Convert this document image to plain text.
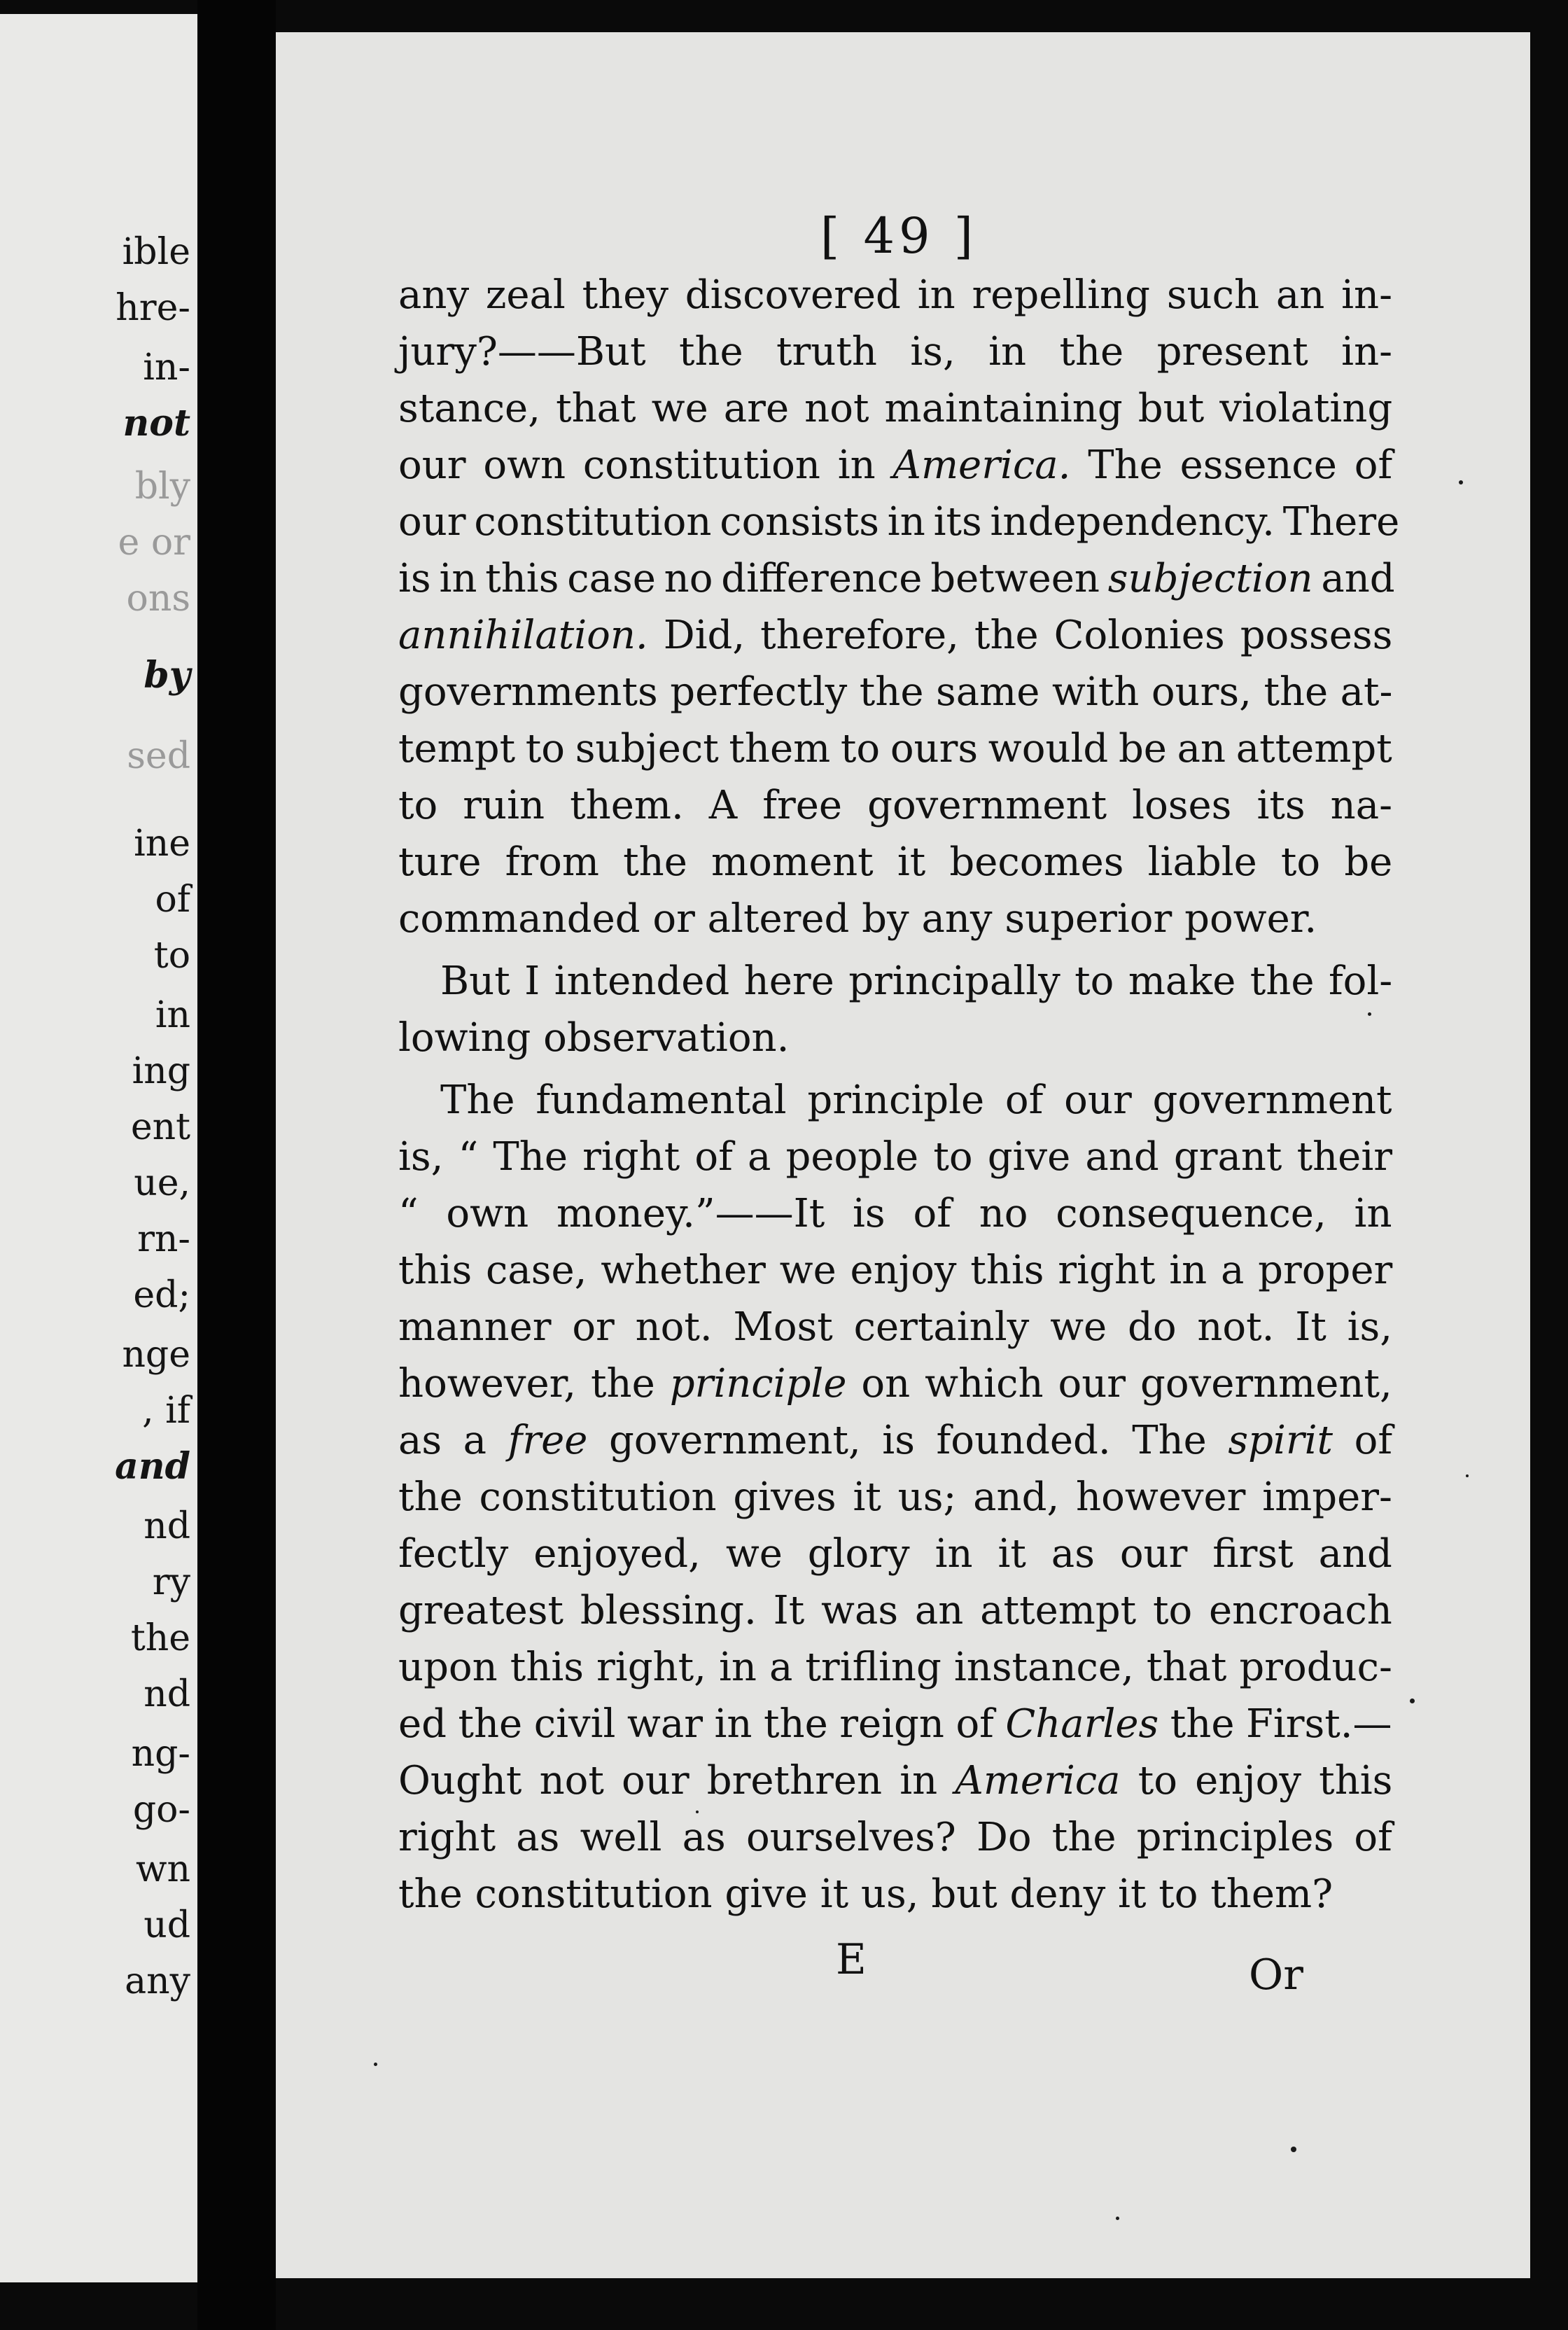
ible
hre-
in-
not
bly
e or
ons
by
sed
ine
of
to
in
ing
ent
ue,
rn-
ed;
nge
, if
and
nd
ry
the
nd
ng-
go-
wn
ud
any
[ 49 ]
any zeal they discovered in repelling such an in-
jury?——But the truth is, in the present in-
stance, that we are not maintaining but violating
our own constitution in America. The essence of
our constitution consists in its independency. There
is in this case no difference between subjection and
annihilation. Did, therefore, the Colonies possess
governments perfectly the same with ours, the at-
tempt to subject them to ours would be an attempt
to ruin them. A free government loses its na-
ture from the moment it becomes liable to be
commanded or altered by any superior power.
But I intended here principally to make the fol-
lowing observation.
The fundamental principle of our government
is, “ The right of a people to give and grant their
“ own money.”——It is of no consequence, in
this case, whether we enjoy this right in a proper
manner or not. Most certainly we do not. It is,
however, the principle on which our government,
as a free government, is founded. The spirit of
the constitution gives it us; and, however imper-
fectly enjoyed, we glory in it as our first and
greatest blessing. It was an attempt to encroach
upon this right, in a trifling instance, that produc-
ed the civil war in the reign of Charles the First.—
Ought not our brethren in America to enjoy this
right as well as ourselves? Do the principles of
the constitution give it us, but deny it to them?
E	Or
